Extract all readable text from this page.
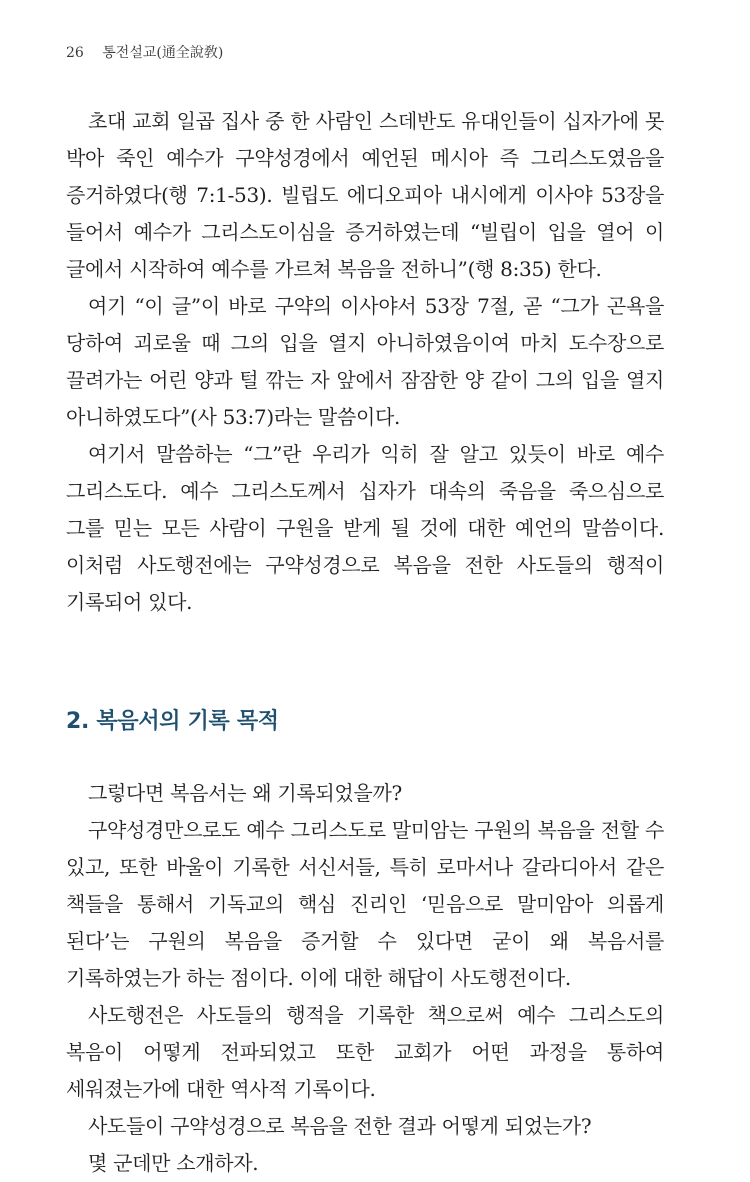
26 통전설교(通全說敎)

초대 교회 일곱 집사 중 한 사람인 스데반도 유대인들이 십자가에 못 박아 죽인 예수가 구약성경에서 예언된 메시아 즉 그리스도였음을 증거하였다(행 7:1-53). 빌립도 에디오피아 내시에게 이사야 53장을 들어서 예수가 그리스도이심을 증거하였는데 “빌립이 입을 열어 이 글에서 시작하여 예수를 가르쳐 복음을 전하니”(행 8:35) 한다.

여기 “이 글”이 바로 구약의 이사야서 53장 7절, 곧 “그가 곤욕을 당하여 괴로울 때 그의 입을 열지 아니하였음이여 마치 도수장으로 끌려가는 어린 양과 털 깎는 자 앞에서 잠잠한 양 같이 그의 입을 열지 아니하였도다”(사 53:7)라는 말씀이다.

여기서 말씀하는 “그”란 우리가 익히 잘 알고 있듯이 바로 예수 그리스도다. 예수 그리스도께서 십자가 대속의 죽음을 죽으심으로 그를 믿는 모든 사람이 구원을 받게 될 것에 대한 예언의 말씀이다. 이처럼 사도행전에는 구약성경으로 복음을 전한 사도들의 행적이 기록되어 있다.

2. 복음서의 기록 목적

그렇다면 복음서는 왜 기록되었을까?

구약성경만으로도 예수 그리스도로 말미암는 구원의 복음을 전할 수 있고, 또한 바울이 기록한 서신서들, 특히 로마서나 갈라디아서 같은 책들을 통해서 기독교의 핵심 진리인 ‘믿음으로 말미암아 의롭게 된다’는 구원의 복음을 증거할 수 있다면 굳이 왜 복음서를 기록하였는가 하는 점이다. 이에 대한 해답이 사도행전이다.

사도행전은 사도들의 행적을 기록한 책으로써 예수 그리스도의 복음이 어떻게 전파되었고 또한 교회가 어떤 과정을 통하여 세워졌는가에 대한 역사적 기록이다.

사도들이 구약성경으로 복음을 전한 결과 어떻게 되었는가?

몇 군데만 소개하자.
